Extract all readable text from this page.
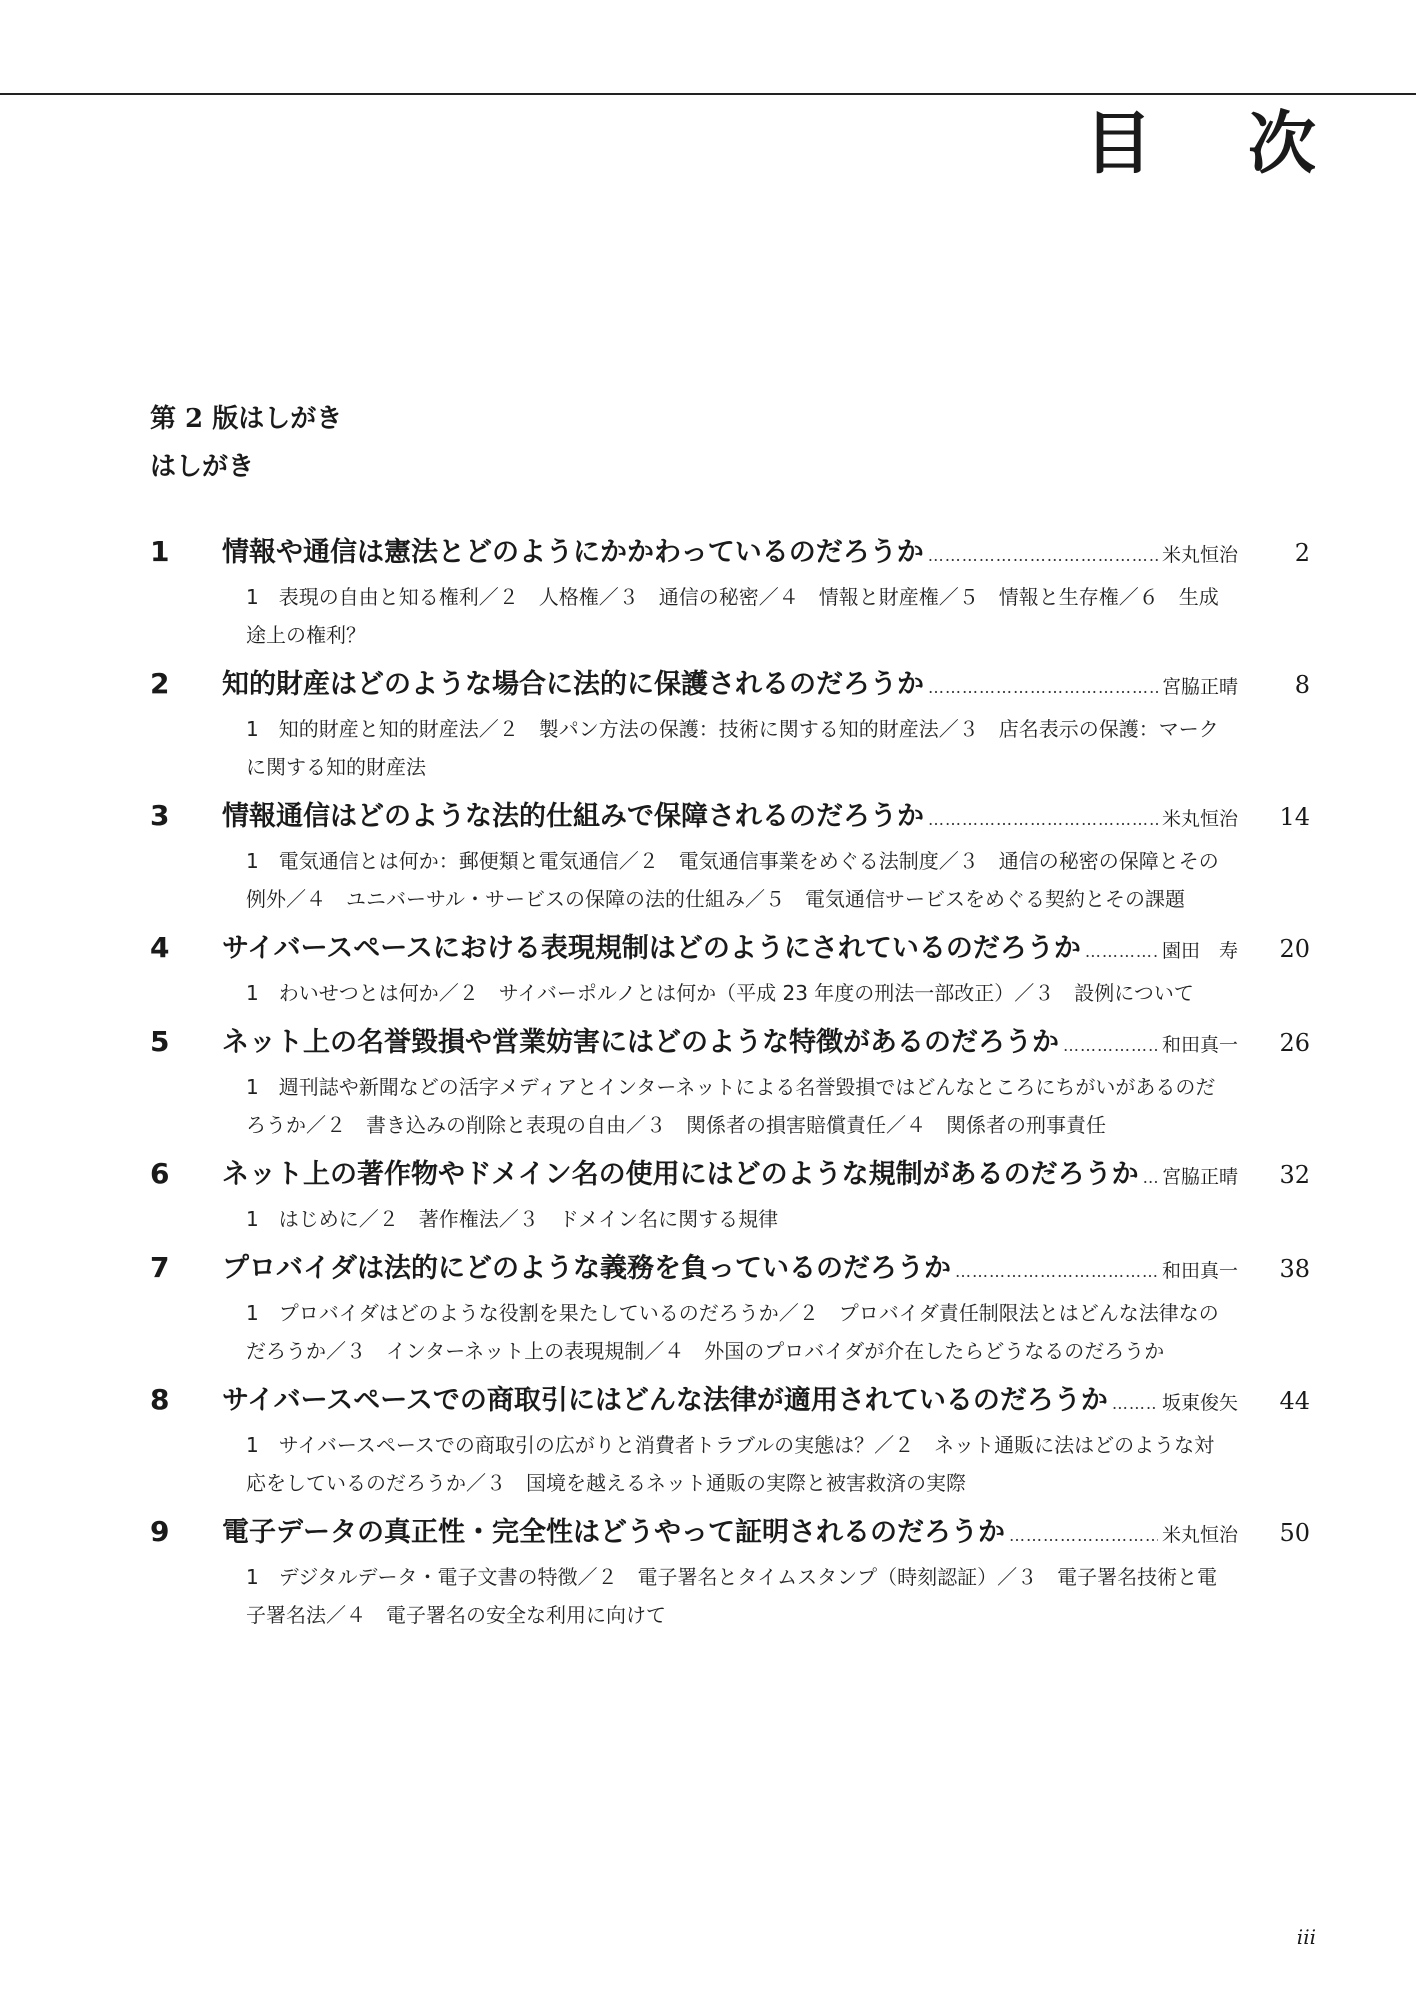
目 次
第 2 版はしがき
はしがき
1	情報や通信は憲法とどのようにかかわっているのだろうか ……………………………………………………………………………………………………………………………………………………………………	米丸恒治	2
1　表現の自由と知る権利／２　人格権／３　通信の秘密／４　情報と財産権／５　情報と生存権／６　生成途上の権利？
2	知的財産はどのような場合に法的に保護されるのだろうか ……………………………………………………………………………………………………………………………………………………………………	宮脇正晴	8
1　知的財産と知的財産法／２　製パン方法の保護：技術に関する知的財産法／３　店名表示の保護：マークに関する知的財産法
3	情報通信はどのような法的仕組みで保障されるのだろうか ……………………………………………………………………………………………………………………………………………………………………	米丸恒治	14
1　電気通信とは何か：郵便類と電気通信／２　電気通信事業をめぐる法制度／３　通信の秘密の保障とその例外／４　ユニバーサル・サービスの保障の法的仕組み／５　電気通信サービスをめぐる契約とその課題
4	サイバースペースにおける表現規制はどのようにされているのだろうか ……………………………………………………………………………………………………………………………………………………………………	園田　寿	20
1　わいせつとは何か／２　サイバーポルノとは何か（平成 23 年度の刑法一部改正）／３　設例について
5	ネット上の名誉毀損や営業妨害にはどのような特徴があるのだろうか ……………………………………………………………………………………………………………………………………………………………………	和田真一	26
1　週刊誌や新聞などの活字メディアとインターネットによる名誉毀損ではどんなところにちがいがあるのだろうか／２　書き込みの削除と表現の自由／３　関係者の損害賠償責任／４　関係者の刑事責任
6	ネット上の著作物やドメイン名の使用にはどのような規制があるのだろうか …………………………………………………………………………………………………………………………………………………………………… 宮脇正晴	32
1　はじめに／２　著作権法／３　ドメイン名に関する規律
7	プロバイダは法的にどのような義務を負っているのだろうか ……………………………………………………………………………………………………………………………………………………………………	和田真一	38
1　プロバイダはどのような役割を果たしているのだろうか／２　プロバイダ責任制限法とはどんな法律なのだろうか／３　インターネット上の表現規制／４　外国のプロバイダが介在したらどうなるのだろうか
8	サイバースペースでの商取引にはどんな法律が適用されているのだろうか ……………………………………………………………………………………………………………………………………………………………………	坂東俊矢	44
1　サイバースペースでの商取引の広がりと消費者トラブルの実態は？／２　ネット通販に法はどのような対応をしているのだろうか／３　国境を越えるネット通販の実際と被害救済の実際
9	電子データの真正性・完全性はどうやって証明されるのだろうか ……………………………………………………………………………………………………………………………………………………………………	米丸恒治	50
1　デジタルデータ・電子文書の特徴／２　電子署名とタイムスタンプ（時刻認証）／３　電子署名技術と電子署名法／４　電子署名の安全な利用に向けて
iii
